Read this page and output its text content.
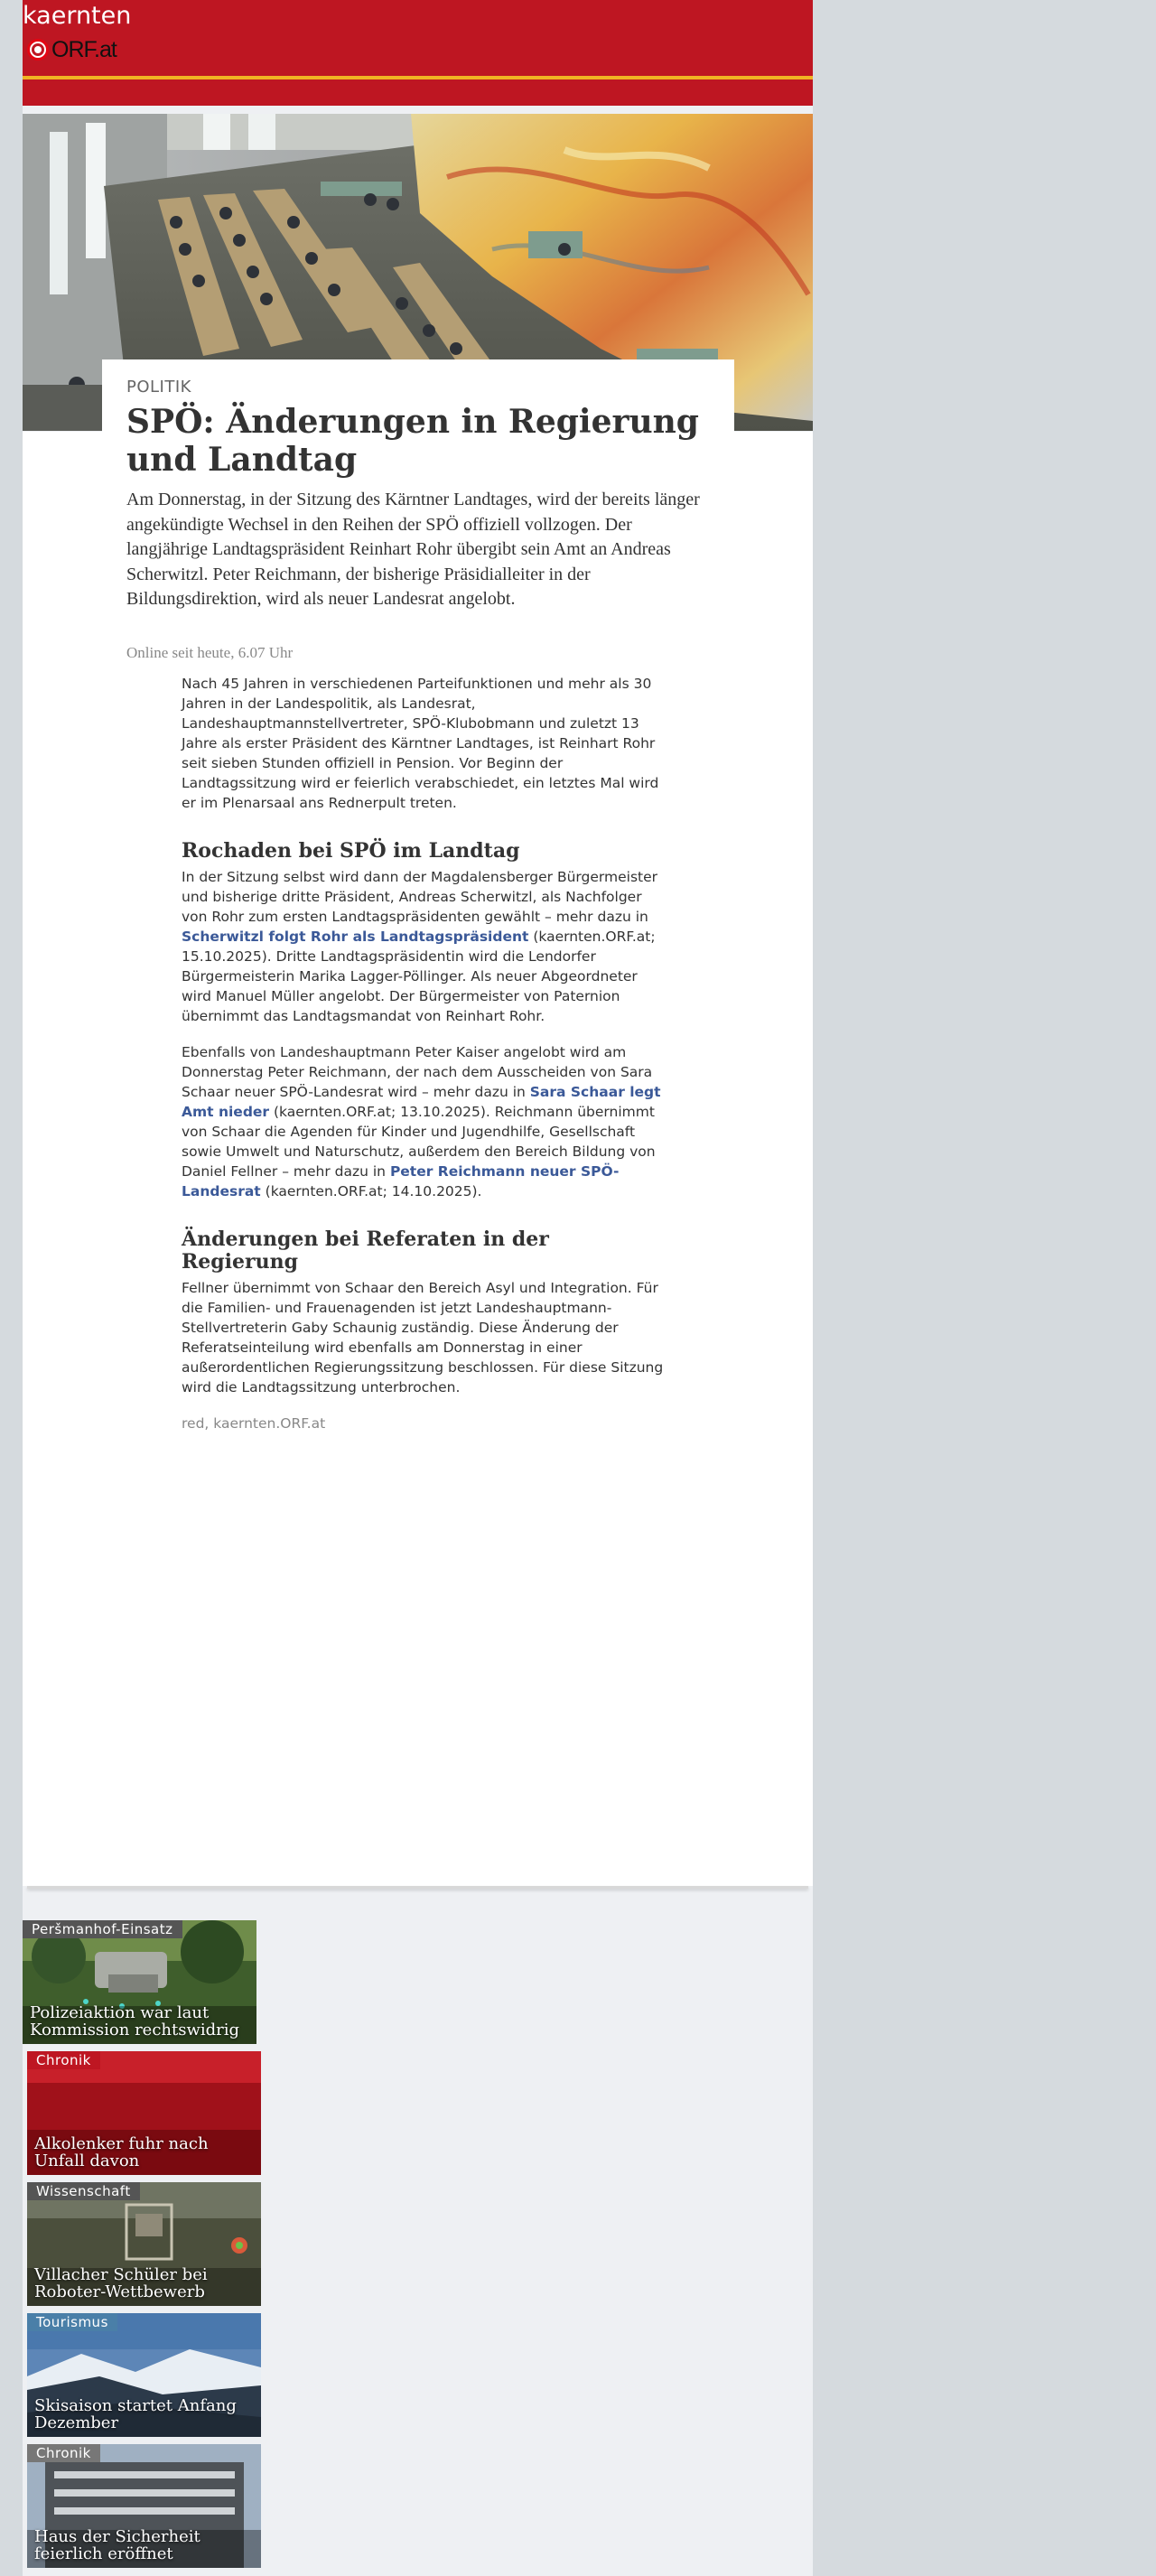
kaernten
ORF.at
POLITIK
SPÖ: Änderungen in Regierung und Landtag
Am Donnerstag, in der Sitzung des Kärntner Landtages, wird der bereits länger angekündigte Wechsel in den Reihen der SPÖ offiziell vollzogen. Der langjährige Landtagspräsident Reinhart Rohr übergibt sein Amt an Andreas Scherwitzl. Peter Reichmann, der bisherige Präsidialleiter in der Bildungsdirektion, wird als neuer Landesrat angelobt.
Online seit heute, 6.07 Uhr

Nach 45 Jahren in verschiedenen Parteifunktionen und mehr als 30 Jahren in der Landespolitik, als Landesrat, Landeshauptmannstellvertreter, SPÖ-Klubobmann und zuletzt 13 Jahre als erster Präsident des Kärntner Landtages, ist Reinhart Rohr seit sieben Stunden offiziell in Pension. Vor Beginn der Landtagssitzung wird er feierlich verabschiedet, ein letztes Mal wird er im Plenarsaal ans Rednerpult treten.

Rochaden bei SPÖ im Landtag

In der Sitzung selbst wird dann der Magdalensberger Bürgermeister und bisherige dritte Präsident, Andreas Scherwitzl, als Nachfolger von Rohr zum ersten Landtagspräsidenten gewählt – mehr dazu in Scherwitzl folgt Rohr als Landtagspräsident (kaernten.ORF.at; 15.10.2025). Dritte Landtagspräsidentin wird die Lendorfer Bürgermeisterin Marika Lagger-Pöllinger. Als neuer Abgeordneter wird Manuel Müller angelobt. Der Bürgermeister von Paternion übernimmt das Landtagsmandat von Reinhart Rohr.

Ebenfalls von Landeshauptmann Peter Kaiser angelobt wird am Donnerstag Peter Reichmann, der nach dem Ausscheiden von Sara Schaar neuer SPÖ-Landesrat wird – mehr dazu in Sara Schaar legt Amt nieder (kaernten.ORF.at; 13.10.2025). Reichmann übernimmt von Schaar die Agenden für Kinder und Jugendhilfe, Gesellschaft sowie Umwelt und Naturschutz, außerdem den Bereich Bildung von Daniel Fellner – mehr dazu in Peter Reichmann neuer SPÖ-Landesrat (kaernten.ORF.at; 14.10.2025).

Änderungen bei Referaten in der Regierung

Fellner übernimmt von Schaar den Bereich Asyl und Integration. Für die Familien- und Frauenagenden ist jetzt Landeshauptmann-Stellvertreterin Gaby Schaunig zuständig. Diese Änderung der Referatseinteilung wird ebenfalls am Donnerstag in einer außerordentlichen Regierungssitzung beschlossen. Für diese Sitzung wird die Landtagssitzung unterbrochen.

red, kaernten.ORF.at

Peršmanhof-Einsatz
Polizeiaktion war laut Kommission rechtswidrig
Chronik
Alkolenker fuhr nach Unfall davon
Wissenschaft
Villacher Schüler bei Roboter-Wettbewerb
Tourismus
Skisaison startet Anfang Dezember
Chronik
Haus der Sicherheit feierlich eröffnet
